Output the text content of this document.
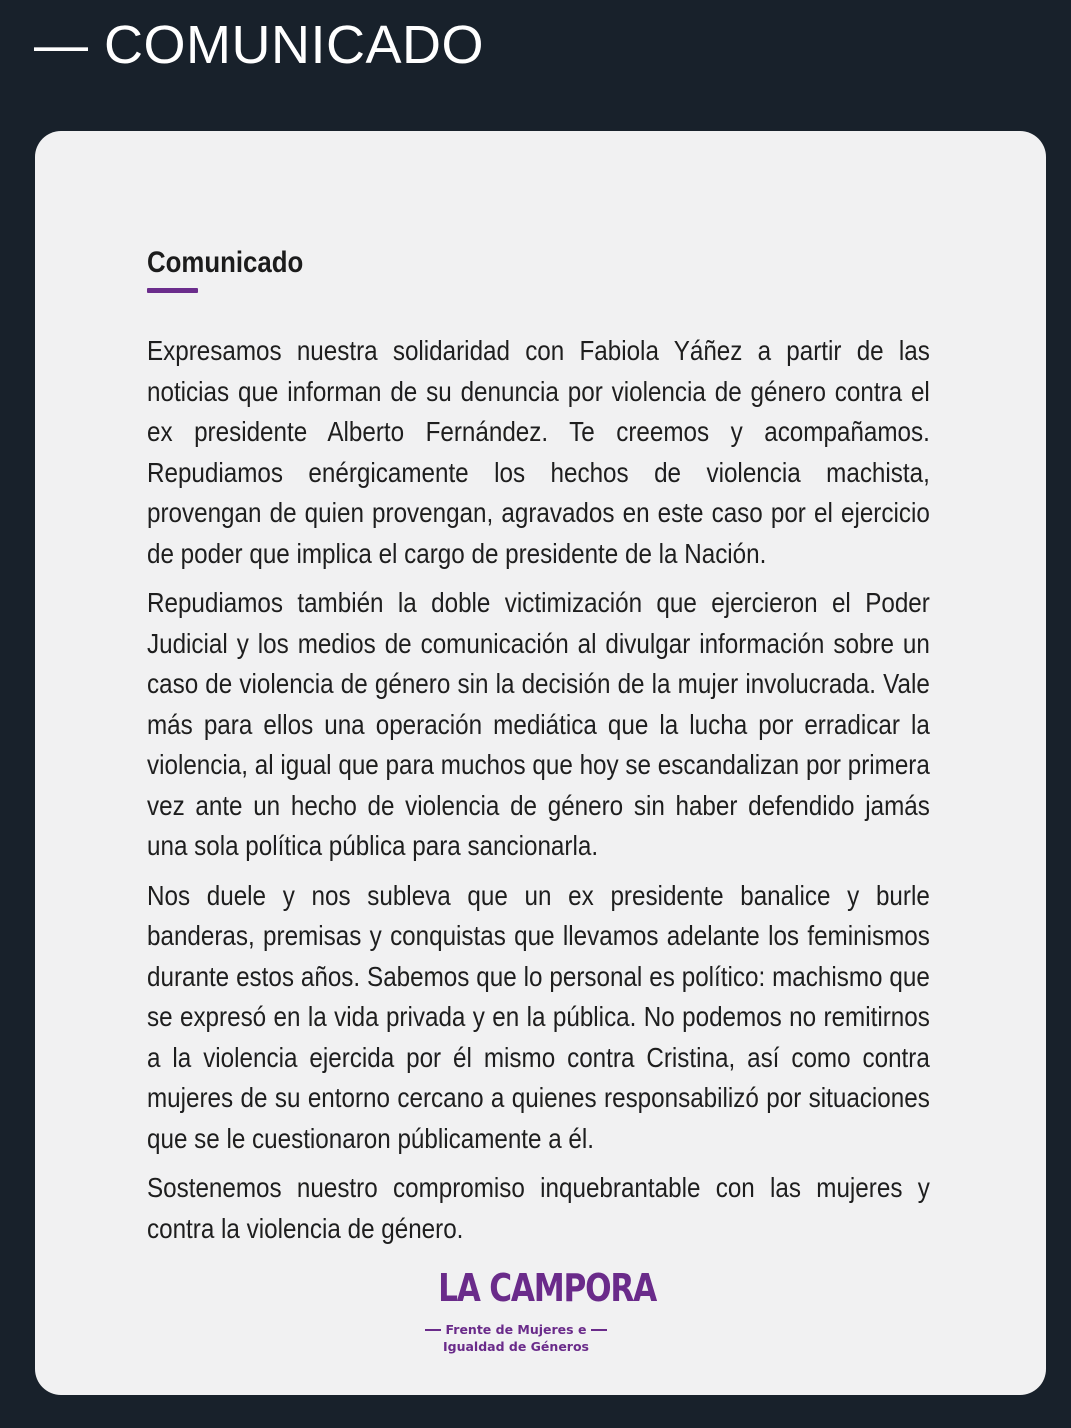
— COMUNICADO
Comunicado

Expresamos nuestra solidaridad con Fabiola Yáñez a partir de las noticias que informan de su denuncia por violencia de género contra el ex presidente Alberto Fernández. Te creemos y acompañamos. Repudiamos enérgicamente los hechos de violencia machista, provengan de quien provengan, agravados en este caso por el ejercicio de poder que implica el cargo de presidente de la Nación.

Repudiamos también la doble victimización que ejercieron el Poder Judicial y los medios de comunicación al divulgar información sobre un caso de violencia de género sin la decisión de la mujer involucrada. Vale más para ellos una operación mediática que la lucha por erradicar la violencia, al igual que para muchos que hoy se escandalizan por primera vez ante un hecho de violencia de género sin haber defendido jamás una sola política pública para sancionarla.

Nos duele y nos subleva que un ex presidente banalice y burle banderas, premisas y conquistas que llevamos adelante los feminismos durante estos años. Sabemos que lo personal es político: machismo que se expresó en la vida privada y en la pública. No podemos no remitirnos a la violencia ejercida por él mismo contra Cristina, así como contra mujeres de su entorno cercano a quienes responsabilizó por situaciones que se le cuestionaron públicamente a él.

Sostenemos nuestro compromiso inquebrantable con las mujeres y contra la violencia de género.

LA CAMPORA
Frente de Mujeres e
Igualdad de Géneros
